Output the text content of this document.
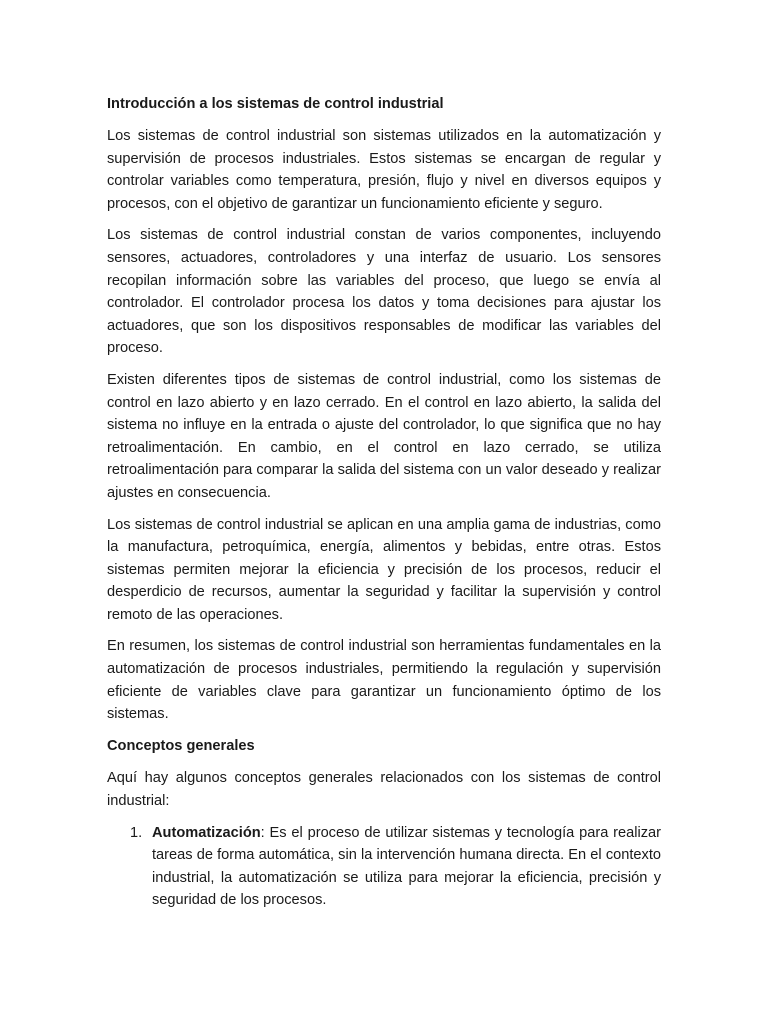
Introducción a los sistemas de control industrial

Los sistemas de control industrial son sistemas utilizados en la automatización y supervisión de procesos industriales. Estos sistemas se encargan de regular y controlar variables como temperatura, presión, flujo y nivel en diversos equipos y procesos, con el objetivo de garantizar un funcionamiento eficiente y seguro.

Los sistemas de control industrial constan de varios componentes, incluyendo sensores, actuadores, controladores y una interfaz de usuario. Los sensores recopilan información sobre las variables del proceso, que luego se envía al controlador. El controlador procesa los datos y toma decisiones para ajustar los actuadores, que son los dispositivos responsables de modificar las variables del proceso.

Existen diferentes tipos de sistemas de control industrial, como los sistemas de control en lazo abierto y en lazo cerrado. En el control en lazo abierto, la salida del sistema no influye en la entrada o ajuste del controlador, lo que significa que no hay retroalimentación. En cambio, en el control en lazo cerrado, se utiliza retroalimentación para comparar la salida del sistema con un valor deseado y realizar ajustes en consecuencia.

Los sistemas de control industrial se aplican en una amplia gama de industrias, como la manufactura, petroquímica, energía, alimentos y bebidas, entre otras. Estos sistemas permiten mejorar la eficiencia y precisión de los procesos, reducir el desperdicio de recursos, aumentar la seguridad y facilitar la supervisión y control remoto de las operaciones.

En resumen, los sistemas de control industrial son herramientas fundamentales en la automatización de procesos industriales, permitiendo la regulación y supervisión eficiente de variables clave para garantizar un funcionamiento óptimo de los sistemas.

Conceptos generales

Aquí hay algunos conceptos generales relacionados con los sistemas de control industrial:

1. Automatización: Es el proceso de utilizar sistemas y tecnología para realizar tareas de forma automática, sin la intervención humana directa. En el contexto industrial, la automatización se utiliza para mejorar la eficiencia, precisión y seguridad de los procesos.
